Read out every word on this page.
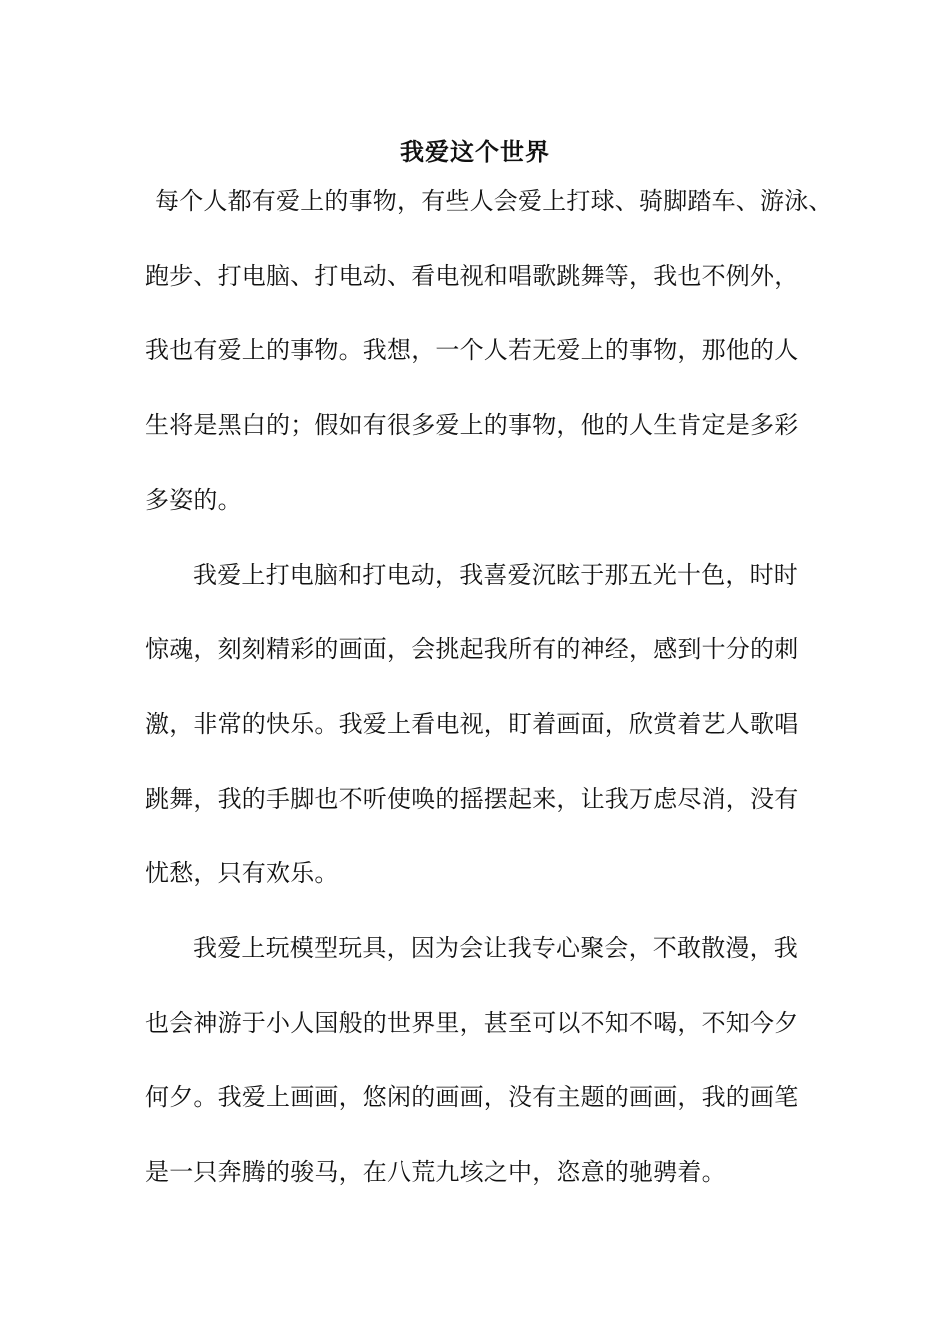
我爱这个世界
每个人都有爱上的事物，有些人会爱上打球、骑脚踏车、游泳、
跑步、打电脑、打电动、看电视和唱歌跳舞等，我也不例外，
我也有爱上的事物。我想，一个人若无爱上的事物，那他的人
生将是黑白的；假如有很多爱上的事物，他的人生肯定是多彩
多姿的。
我爱上打电脑和打电动，我喜爱沉眩于那五光十色，时时
惊魂，刻刻精彩的画面，会挑起我所有的神经，感到十分的刺
激，非常的快乐。我爱上看电视，盯着画面，欣赏着艺人歌唱
跳舞，我的手脚也不听使唤的摇摆起来，让我万虑尽消，没有
忧愁，只有欢乐。
我爱上玩模型玩具，因为会让我专心聚会，不敢散漫，我
也会神游于小人国般的世界里，甚至可以不知不喝，不知今夕
何夕。我爱上画画，悠闲的画画，没有主题的画画，我的画笔
是一只奔腾的骏马，在八荒九垓之中，恣意的驰骋着。
